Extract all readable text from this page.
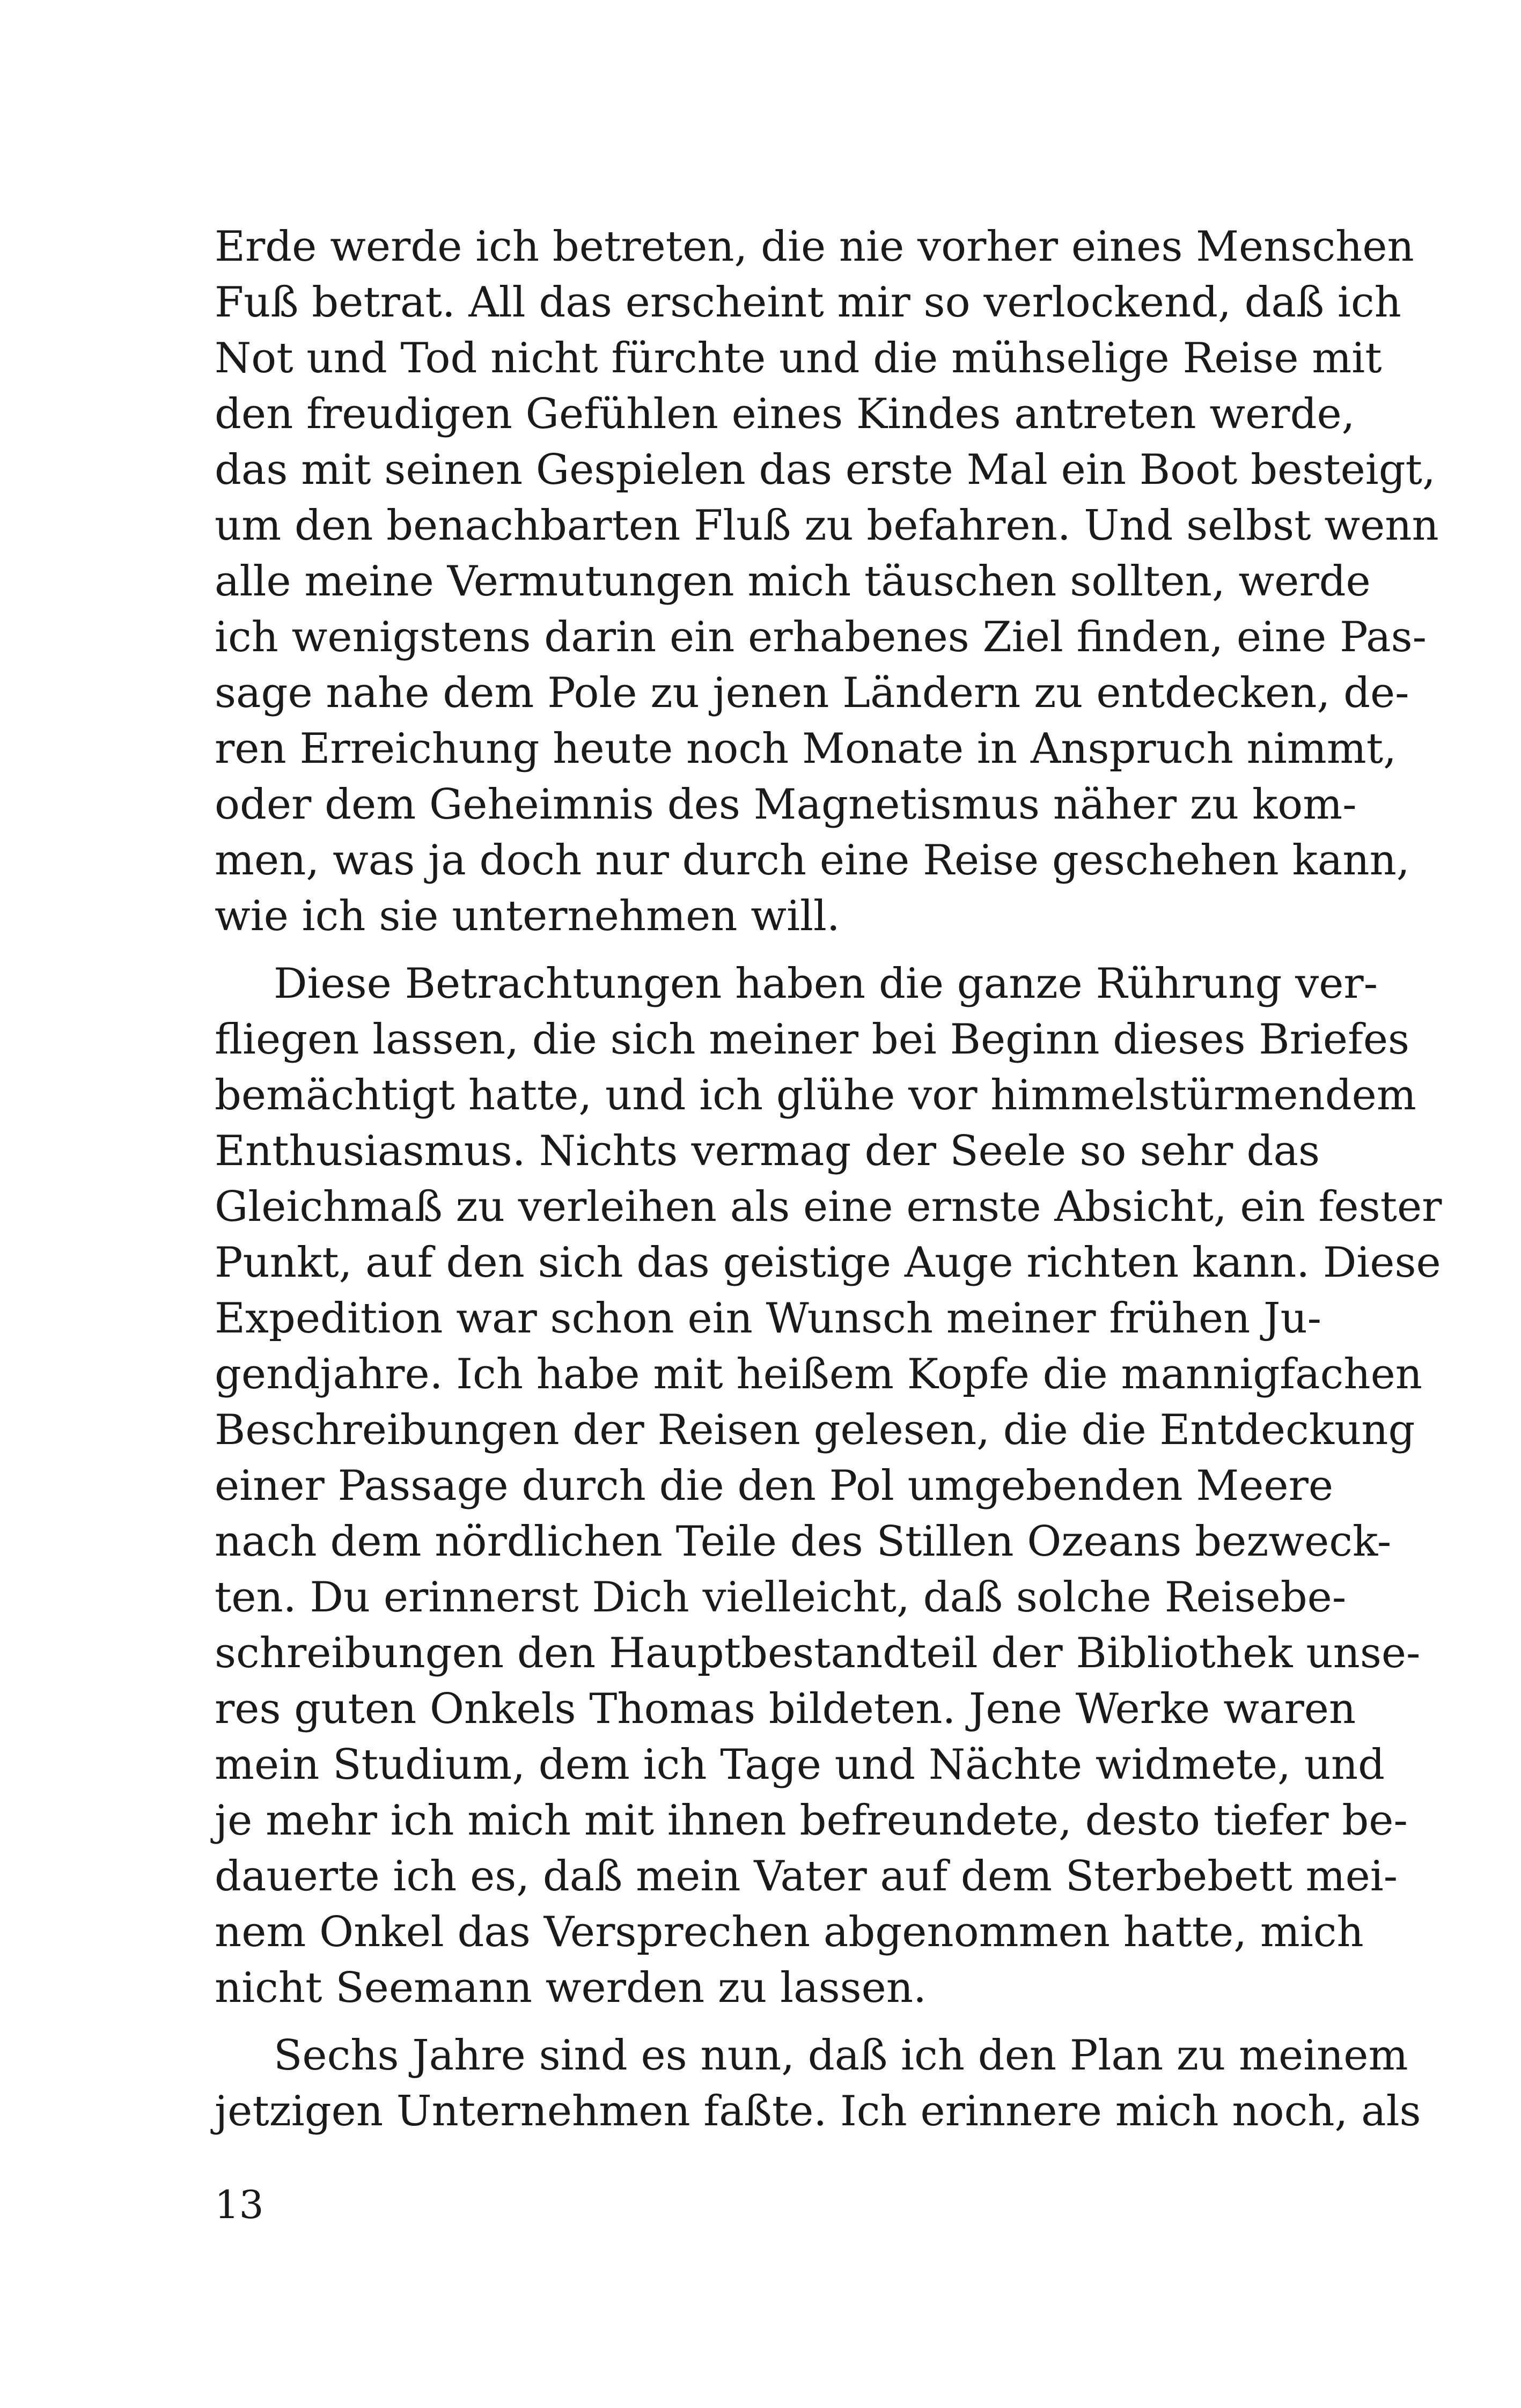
Erde werde ich betreten, die nie vorher eines Menschen
Fuß betrat. All das erscheint mir so verlockend, daß ich
Not und Tod nicht fürchte und die mühselige Reise mit
den freudigen Gefühlen eines Kindes antreten werde,
das mit seinen Gespielen das erste Mal ein Boot besteigt,
um den benachbarten Fluß zu befahren. Und selbst wenn
alle meine Vermutungen mich täuschen sollten, werde
ich wenigstens darin ein erhabenes Ziel finden, eine Pas-
sage nahe dem Pole zu jenen Ländern zu entdecken, de-
ren Erreichung heute noch Monate in Anspruch nimmt,
oder dem Geheimnis des Magnetismus näher zu kom-
men, was ja doch nur durch eine Reise geschehen kann,
wie ich sie unternehmen will.
Diese Betrachtungen haben die ganze Rührung ver-
fliegen lassen, die sich meiner bei Beginn dieses Briefes
bemächtigt hatte, und ich glühe vor himmelstürmendem
Enthusiasmus. Nichts vermag der Seele so sehr das
Gleichmaß zu verleihen als eine ernste Absicht, ein fester
Punkt, auf den sich das geistige Auge richten kann. Diese
Expedition war schon ein Wunsch meiner frühen Ju-
gendjahre. Ich habe mit heißem Kopfe die mannigfachen
Beschreibungen der Reisen gelesen, die die Entdeckung
einer Passage durch die den Pol umgebenden Meere
nach dem nördlichen Teile des Stillen Ozeans bezweck-
ten. Du erinnerst Dich vielleicht, daß solche Reisebe-
schreibungen den Hauptbestandteil der Bibliothek unse-
res guten Onkels Thomas bildeten. Jene Werke waren
mein Studium, dem ich Tage und Nächte widmete, und
je mehr ich mich mit ihnen befreundete, desto tiefer be-
dauerte ich es, daß mein Vater auf dem Sterbebett mei-
nem Onkel das Versprechen abgenommen hatte, mich
nicht Seemann werden zu lassen.
Sechs Jahre sind es nun, daß ich den Plan zu meinem
jetzigen Unternehmen faßte. Ich erinnere mich noch, als
13
